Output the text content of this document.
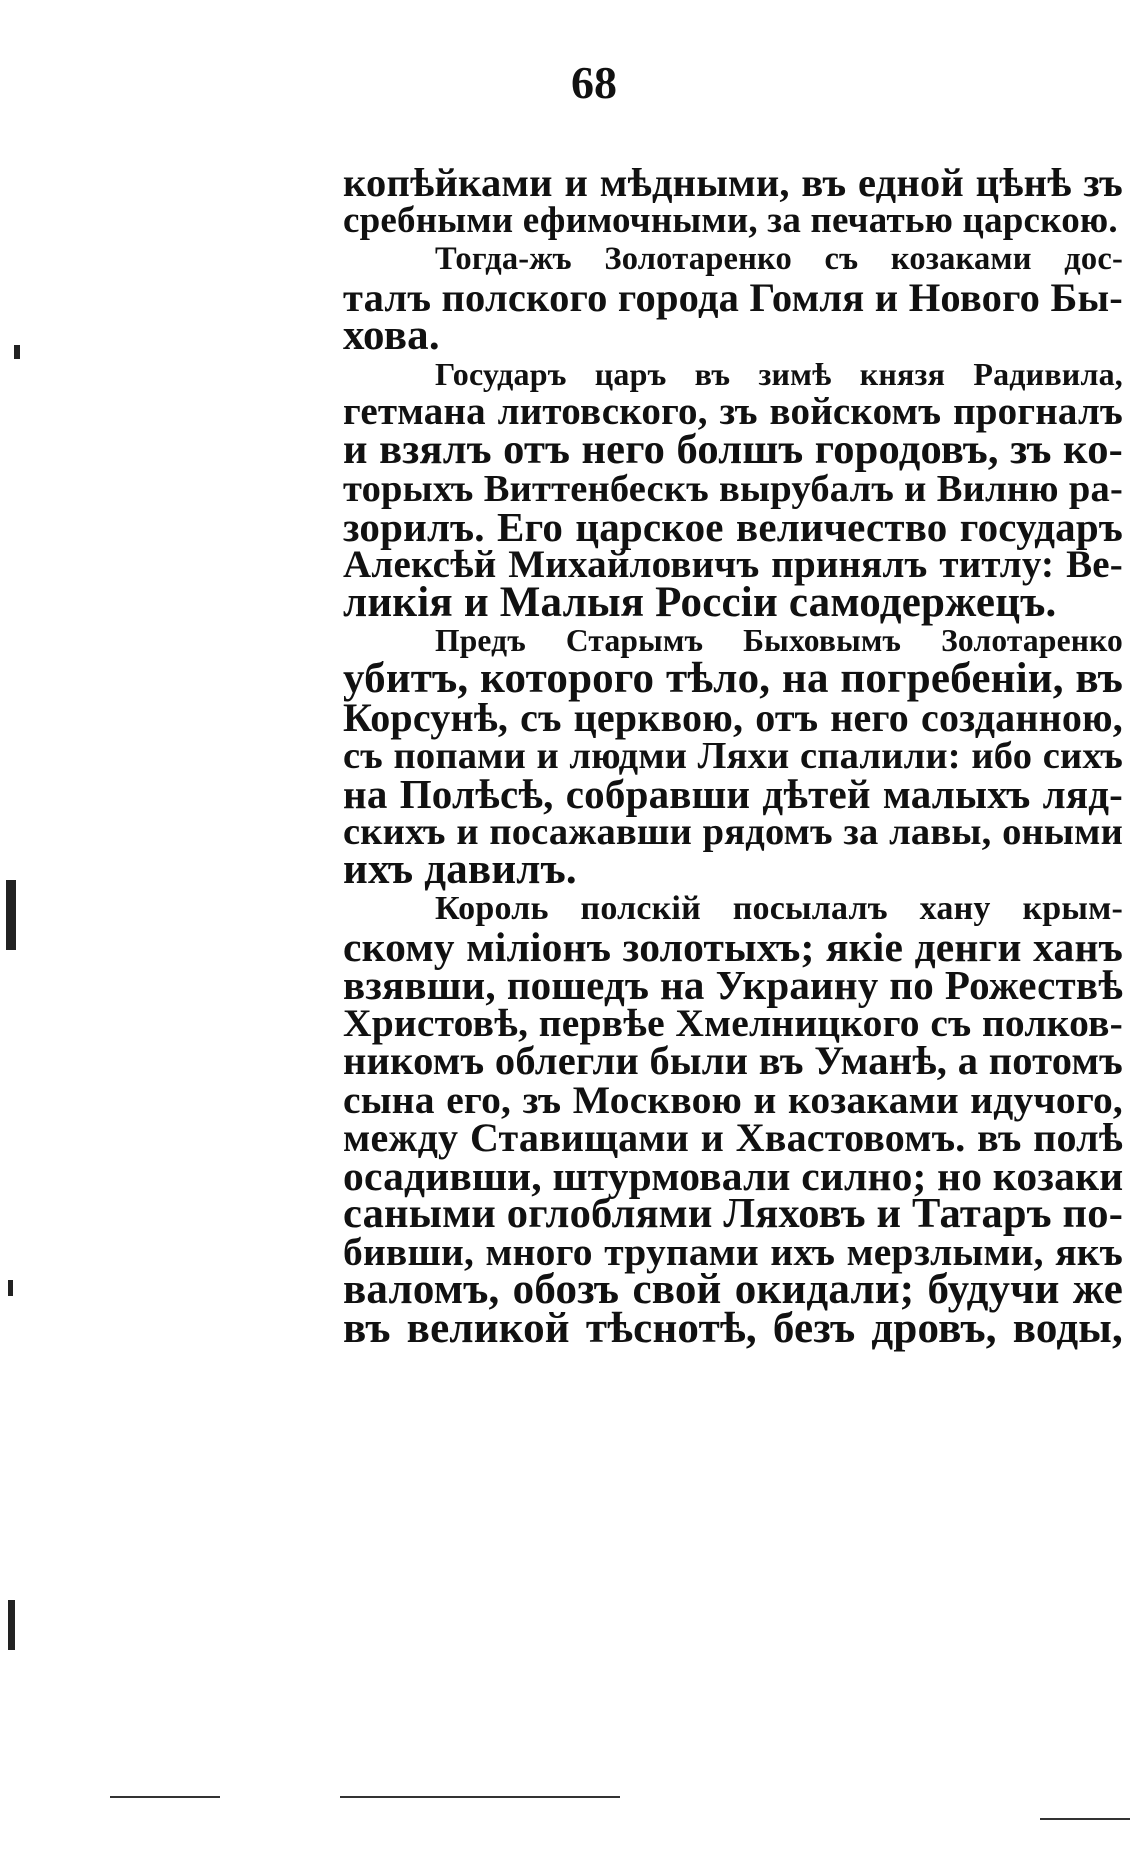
68
копѣйками и мѣдными, въ едной цѣнѣ зъ
сребными ефимочными, за печатью царскою.
Тогда-жъ Золотаренко съ козаками дос-
талъ полского города Гомля и Нового Бы-
хова.
Государъ царъ въ зимѣ князя Радивила,
гетмана литовского, зъ войскомъ прогналъ
и взялъ отъ него болшъ городовъ, зъ ко-
торыхъ Виттенбескъ вырубалъ и Вилню ра-
зорилъ. Его царское величество государъ
Алексѣй Михайловичъ принялъ титлу: Ве-
ликія и Малыя Россіи самодержецъ.
Предъ Старымъ Быховымъ Золотаренко
убитъ, которого тѣло, на погребеніи, въ
Корсунѣ, съ церквою, отъ него созданною,
съ попами и людми Ляхи спалили: ибо сихъ
на Полѣсѣ, собравши дѣтей малыхъ ляд-
скихъ и посажавши рядомъ за лавы, оными
ихъ давилъ.
Король полскій посылалъ хану крым-
скому міліонъ золотыхъ; якіе денги ханъ
взявши, пошедъ на Украину по Рожествѣ
Христовѣ, первѣе Хмелницкого съ полков-
никомъ облегли были въ Уманѣ, а потомъ
сына его, зъ Москвою и козаками идучого,
между Ставищами и Хвастовомъ. въ полѣ
осадивши, штурмовали силно; но козаки
саными оглоблями Ляховъ и Татаръ по-
бивши, много трупами ихъ мерзлыми, якъ
валомъ, обозъ свой окидали; будучи же
въ великой тѣснотѣ, безъ дровъ, воды,
